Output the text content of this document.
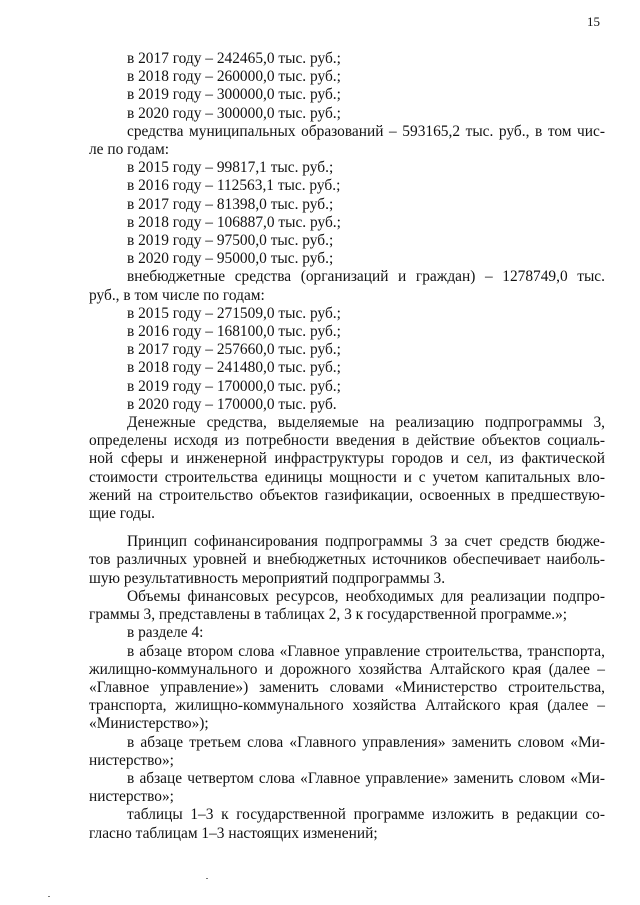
15
в 2017 году – 242465,0 тыс. руб.;
в 2018 году – 260000,0 тыс. руб.;
в 2019 году – 300000,0 тыс. руб.;
в 2020 году – 300000,0 тыс. руб.;
средства муниципальных образований – 593165,2 тыс. руб., в том чис-
ле по годам:
в 2015 году – 99817,1 тыс. руб.;
в 2016 году – 112563,1 тыс. руб.;
в 2017 году – 81398,0 тыс. руб.;
в 2018 году – 106887,0 тыс. руб.;
в 2019 году – 97500,0 тыс. руб.;
в 2020 году – 95000,0 тыс. руб.;
внебюджетные средства (организаций и граждан) – 1278749,0 тыс.
руб., в том числе по годам:
в 2015 году – 271509,0 тыс. руб.;
в 2016 году – 168100,0 тыс. руб.;
в 2017 году – 257660,0 тыс. руб.;
в 2018 году – 241480,0 тыс. руб.;
в 2019 году – 170000,0 тыс. руб.;
в 2020 году – 170000,0 тыс. руб.
Денежные средства, выделяемые на реализацию подпрограммы 3,
определены исходя из потребности введения в действие объектов социаль-
ной сферы и инженерной инфраструктуры городов и сел, из фактической
стоимости строительства единицы мощности и с учетом капитальных вло-
жений на строительство объектов газификации, освоенных в предшествую-
щие годы.
Принцип софинансирования подпрограммы 3 за счет средств бюдже-
тов различных уровней и внебюджетных источников обеспечивает наиболь-
шую результативность мероприятий подпрограммы 3.
Объемы финансовых ресурсов, необходимых для реализации подпро-
граммы 3, представлены в таблицах 2, 3 к государственной программе.»;
в разделе 4:
в абзаце втором слова «Главное управление строительства, транспорта,
жилищно-коммунального и дорожного хозяйства Алтайского края (далее –
«Главное управление») заменить словами «Министерство строительства,
транспорта, жилищно-коммунального хозяйства Алтайского края (далее –
«Министерство»);
в абзаце третьем слова «Главного управления» заменить словом «Ми-
нистерство»;
в абзаце четвертом слова «Главное управление» заменить словом «Ми-
нистерство»;
таблицы 1–3 к государственной программе изложить в редакции со-
гласно таблицам 1–3 настоящих изменений;
